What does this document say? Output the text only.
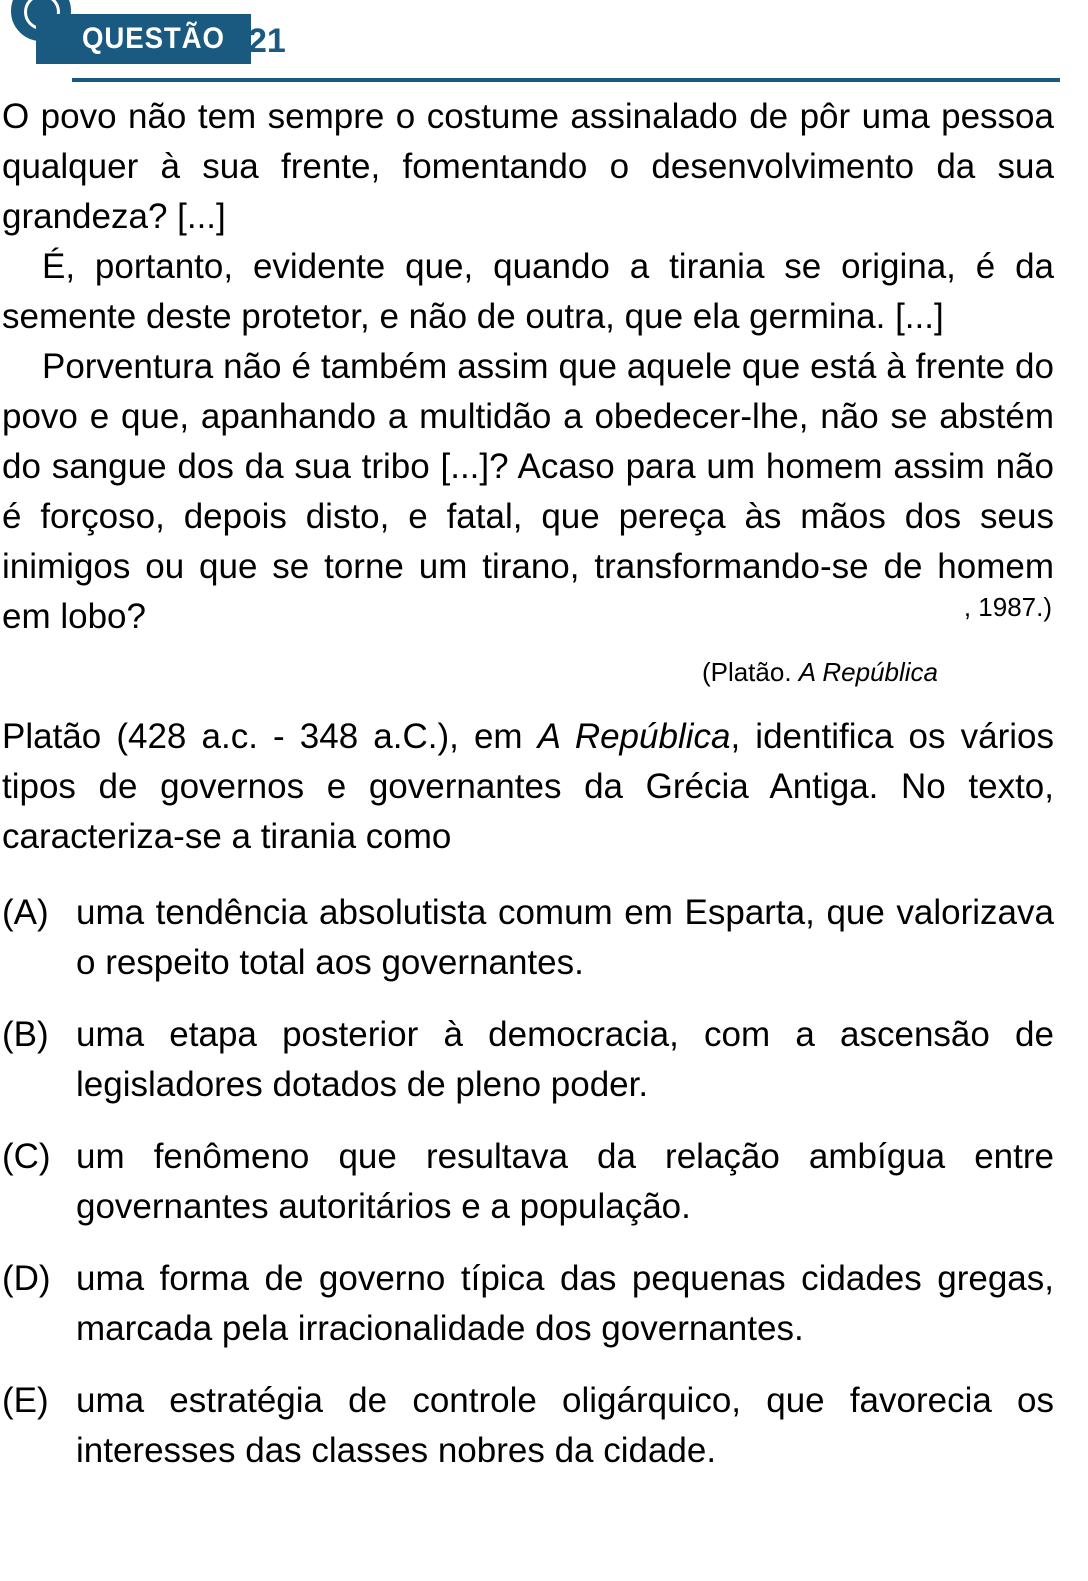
QUESTÃO 21

O povo não tem sempre o costume assinalado de pôr uma pessoa qualquer à sua frente, fomentando o desenvolvimento da sua grandeza? [...]

É, portanto, evidente que, quando a tirania se origina, é da semente deste protetor, e não de outra, que ela germina. [...]

Porventura não é também assim que aquele que está à frente do povo e que, apanhando a multidão a obedecer-lhe, não se abstém do sangue dos da sua tribo [...]? Acaso para um homem assim não é forçoso, depois disto, e fatal, que pereça às mãos dos seus inimigos ou que se torne um tirano, transformando-se de homem em lobo?	, 1987.)
(Platão. A República

Platão (428 a.c. - 348 a.C.), em A República, identifica os vários tipos de governos e governantes da Grécia Antiga. No texto, caracteriza-se a tirania como

(A) uma tendência absolutista comum em Esparta, que valorizava o respeito total aos governantes.
(B) uma etapa posterior à democracia, com a ascensão de legisladores dotados de pleno poder.
(C) um fenômeno que resultava da relação ambígua entre governantes autoritários e a população.
(D) uma forma de governo típica das pequenas cidades gregas, marcada pela irracionalidade dos governantes.
(E) uma estratégia de controle oligárquico, que favorecia os interesses das classes nobres da cidade.
